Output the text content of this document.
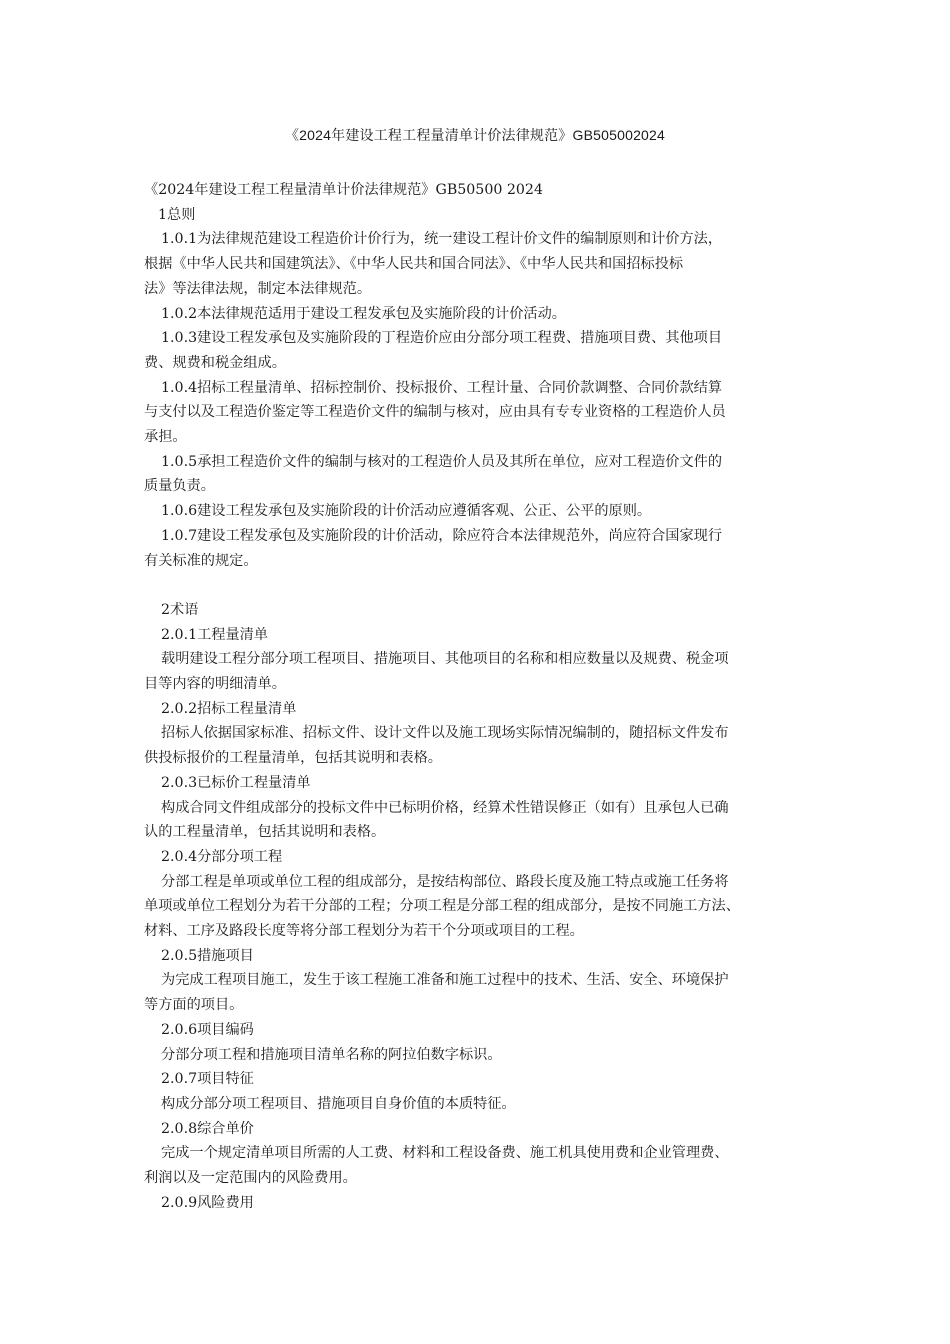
《2024年建设工程工程量清单计价法律规范》GB505002024

《2024年建设工程工程量清单计价法律规范》GB50500 2024

1总则

1.0.1为法律规范建设工程造价计价行为，统一建设工程计价文件的编制原则和计价方法，
根据《中华人民共和国建筑法》、《中华人民共和国合同法》、《中华人民共和国招标投标
法》等法律法规，制定本法律规范。

1.0.2本法律规范适用于建设工程发承包及实施阶段的计价活动。

1.0.3建设工程发承包及实施阶段的丁程造价应由分部分项工程费、措施项目费、其他项目
费、规费和税金组成。

1.0.4招标工程量清单、招标控制价、投标报价、工程计量、合同价款调整、合同价款结算
与支付以及工程造价鉴定等工程造价文件的编制与核对，应由具有专专业资格的工程造价人员
承担。

1.0.5承担工程造价文件的编制与核对的工程造价人员及其所在单位，应对工程造价文件的
质量负责。

1.0.6建设工程发承包及实施阶段的计价活动应遵循客观、公正、公平的原则。

1.0.7建设工程发承包及实施阶段的计价活动，除应符合本法律规范外，尚应符合国家现行
有关标准的规定。

2术语

2.0.1工程量清单

载明建设工程分部分项工程项目、措施项目、其他项目的名称和相应数量以及规费、税金项
目等内容的明细清单。

2.0.2招标工程量清单

招标人依据国家标准、招标文件、设计文件以及施工现场实际情况编制的，随招标文件发布
供投标报价的工程量清单，包括其说明和表格。

2.0.3已标价工程量清单

构成合同文件组成部分的投标文件中已标明价格，经算术性错误修正（如有）且承包人已确
认的工程量清单，包括其说明和表格。

2.0.4分部分项工程

分部工程是单项或单位工程的组成部分，是按结构部位、路段长度及施工特点或施工任务将
单项或单位工程划分为若干分部的工程；分项工程是分部工程的组成部分，是按不同施工方法、
材料、工序及路段长度等将分部工程划分为若干个分项或项目的工程。

2.0.5措施项目

为完成工程项目施工，发生于该工程施工准备和施工过程中的技术、生活、安全、环境保护
等方面的项目。

2.0.6项目编码

分部分项工程和措施项目清单名称的阿拉伯数字标识。

2.0.7项目特征

构成分部分项工程项目、措施项目自身价值的本质特征。

2.0.8综合单价

完成一个规定清单项目所需的人工费、材料和工程设备费、施工机具使用费和企业管理费、
利润以及一定范围内的风险费用。

2.0.9风险费用
